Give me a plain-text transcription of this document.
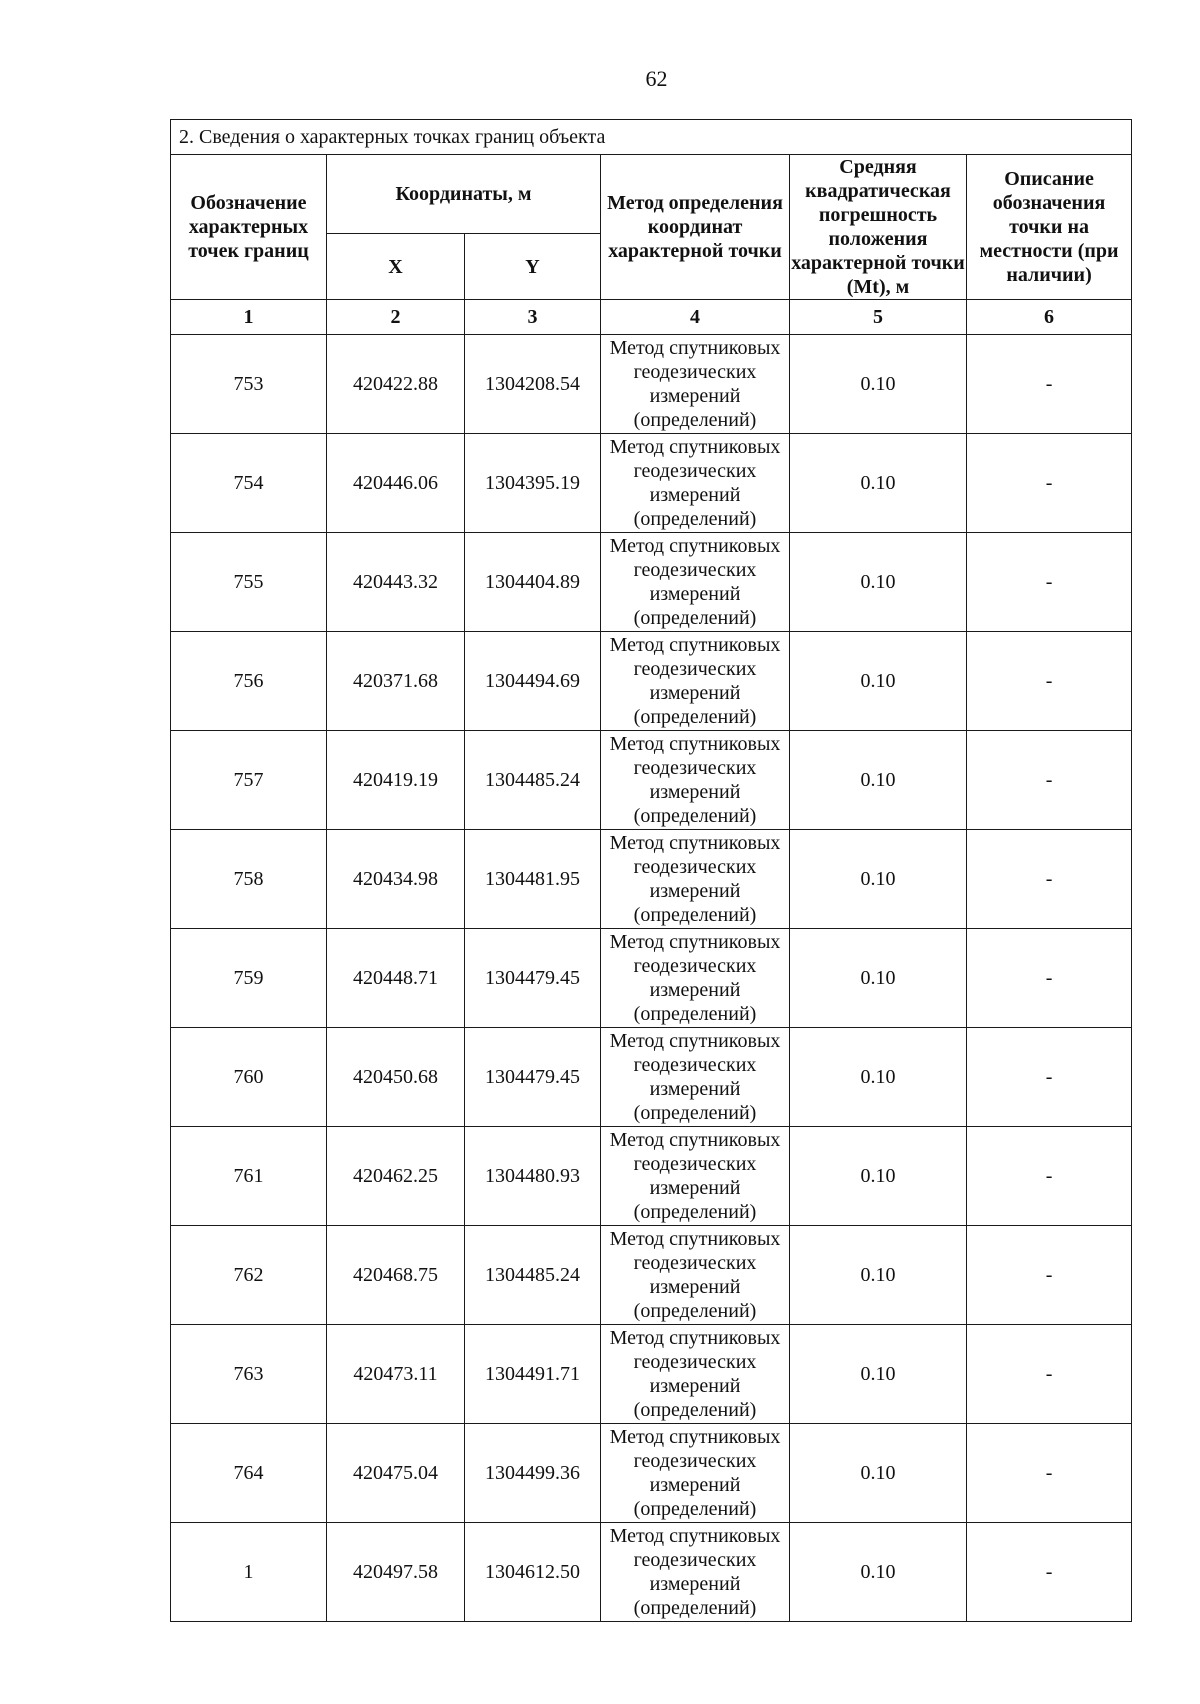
62
2. Сведения о характерных точках границ объекта					
Обозначение характерных точек границ	Координаты, м		Метод определения координат характерной точки	Средняя квадратическая погрешность положения характерной точки (Mt), м	Описание обозначения точки на местности (при наличии)
	X	Y			
1	2	3	4	5	6
753	420422.88	1304208.54	Метод спутниковых геодезических измерений (определений)	0.10	-
754	420446.06	1304395.19	Метод спутниковых геодезических измерений (определений)	0.10	-
755	420443.32	1304404.89	Метод спутниковых геодезических измерений (определений)	0.10	-
756	420371.68	1304494.69	Метод спутниковых геодезических измерений (определений)	0.10	-
757	420419.19	1304485.24	Метод спутниковых геодезических измерений (определений)	0.10	-
758	420434.98	1304481.95	Метод спутниковых геодезических измерений (определений)	0.10	-
759	420448.71	1304479.45	Метод спутниковых геодезических измерений (определений)	0.10	-
760	420450.68	1304479.45	Метод спутниковых геодезических измерений (определений)	0.10	-
761	420462.25	1304480.93	Метод спутниковых геодезических измерений (определений)	0.10	-
762	420468.75	1304485.24	Метод спутниковых геодезических измерений (определений)	0.10	-
763	420473.11	1304491.71	Метод спутниковых геодезических измерений (определений)	0.10	-
764	420475.04	1304499.36	Метод спутниковых геодезических измерений (определений)	0.10	-
1	420497.58	1304612.50	Метод спутниковых геодезических измерений (определений)	0.10	-
